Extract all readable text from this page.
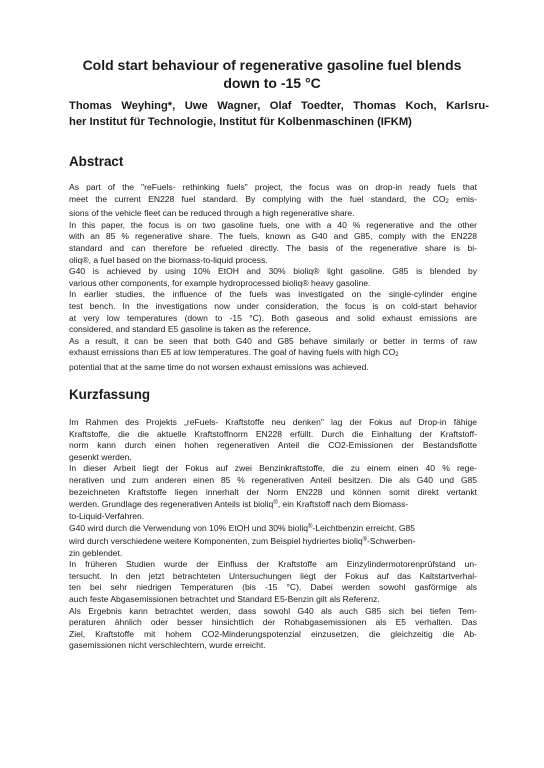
Cold start behaviour of regenerative gasoline fuel blends
down to -15 °C
Thomas Weyhing*, Uwe Wagner, Olaf Toedter, Thomas Koch, Karlsru-
her Institut für Technologie, Institut für Kolbenmaschinen (IFKM)
Abstract
As part of the "reFuels- rethinking fuels" project, the focus was on drop-in ready fuels that
meet the current EN228 fuel standard. By complying with the fuel standard, the CO2 emis-
sions of the vehicle fleet can be reduced through a high regenerative share.
In this paper, the focus is on two gasoline fuels, one with a 40 % regenerative and the other
with an 85 % regenerative share. The fuels, known as G40 and G85, comply with the EN228
standard and can therefore be refueled directly. The basis of the regenerative share is bi-
oliq®, a fuel based on the biomass-to-liquid process.
G40 is achieved by using 10% EtOH and 30% bioliq® light gasoline. G85 is blended by
various other components, for example hydroprocessed bioliq® heavy gasoline.
In earlier studies, the influence of the fuels was investigated on the single-cylinder engine
test bench. In the investigations now under consideration, the focus is on cold-start behavior
at very low temperatures (down to -15 °C). Both gaseous and solid exhaust emissions are
considered, and standard E5 gasoline is taken as the reference.
As a result, it can be seen that both G40 and G85 behave similarly or better in terms of raw
exhaust emissions than E5 at low temperatures. The goal of having fuels with high CO2
potential that at the same time do not worsen exhaust emissions was achieved.
Kurzfassung
Im Rahmen des Projekts „reFuels- Kraftstoffe neu denken" lag der Fokus auf Drop-in fähige
Kraftstoffe, die die aktuelle Kraftstoffnorm EN228 erfüllt. Durch die Einhaltung der Kraftstoff-
norm kann durch einen hohen regenerativen Anteil die CO2-Emissionen der Bestandsflotte
gesenkt werden.
In dieser Arbeit liegt der Fokus auf zwei Benzinkraftstoffe, die zu einem einen 40 % rege-
nerativen und zum anderen einen 85 % regenerativen Anteil besitzen. Die als G40 und G85
bezeichneten Kraftstoffe liegen innerhalt der Norm EN228 und können somit direkt vertankt
werden. Grundlage des regenerativen Anteils ist bioliq®, ein Kraftstoff nach dem Biomass-
to-Liquid-Verfahren.
G40 wird durch die Verwendung von 10% EtOH und 30% bioliq®-Leichtbenzin erreicht. G85
wird durch verschiedene weitere Komponenten, zum Beispiel hydriertes bioliq®-Schwerben-
zin geblendet.
In früheren Studien wurde der Einfluss der Kraftstoffe am Einzylindermotorenprüfstand un-
tersucht. In den jetzt betrachteten Untersuchungen liegt der Fokus auf das Kaltstartverhal-
ten bei sehr niedrigen Temperaturen (bis -15 °C). Dabei werden sowohl gasförmige als
auch feste Abgasemissionen betrachtet und Standard E5-Benzin gilt als Referenz.
Als Ergebnis kann betrachtet werden, dass sowohl G40 als auch G85 sich bei tiefen Tem-
peraturen ähnlich oder besser hinsichtlich der Rohabgasemissionen als E5 verhalten. Das
Ziel, Kraftstoffe mit hohem CO2-Minderungspotenzial einzusetzen, die gleichzeitig die Ab-
gasemissionen nicht verschlechtern, wurde erreicht.
